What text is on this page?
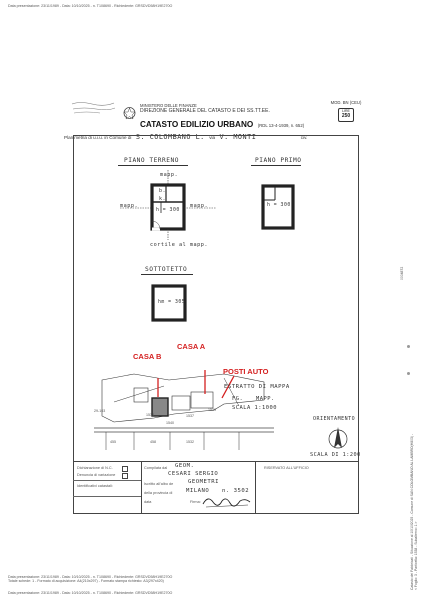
Data presentazione: 23/11/1989 - Data: 10/10/2025 - n. T108690 - Richiedente: GRSDVD58H19E270O
MINISTERO DELLE FINANZE
DIREZIONE GENERALE DEL CATASTO E DEI SS.TT.EE.
CATASTO EDILIZIO URBANO (RDL 13-4-1939, n. 652)
MOD. BN (CEU)
LIRE
250
Planimetria di u.i.u. in Comune di S. COLOMBANO L. via V. MONTI	civ.
PIANO TERRENO	PIANO PRIMO
SOTTOTETTO
mapp.
mapp.	mapp.
b.
k.
h = 300
cortile al mapp.
h = 300
hm = 305
29-103
1533
1540
1537
1539
455	458	1532
CASA A
CASA B
POSTI AUTO
ESTRATTO DI MAPPA
FG. MAPP.
SCALA 1:1000
ORIENTAMENTO
SCALA DI 1:200
Dichiarazione di N.C.
Denuncia di variazione
Identificativi catastali:
Compilata dal GEOM.
CESARI SERGIO
Iscritto all'albo de	GEOMETRI
della provincia di MILANO n. 3502
data	Firma:
RISERVATO ALL'UFFICIO
Data presentazione: 23/11/1989 - Data: 10/10/2025 - n. T108690 - Richiedente: GRSDVD58H19E270O
Totale schede: 1 - Formato di acquisizione: A4(210x297) - Formato stampa richiesto: A3(297x420)
Data presentazione: 23/11/1989 - Data: 10/10/2025 - n. T108690 - Richiedente: GRSDVD58H19E270O
Catasto dei Fabbricati - Situazione al 10/10/2025 - Comune di SAN COLOMBANO AL LAMBRO(H803) - < Foglio: 3 - Particella: 1538 - Subalterno: 1 >
0004872
